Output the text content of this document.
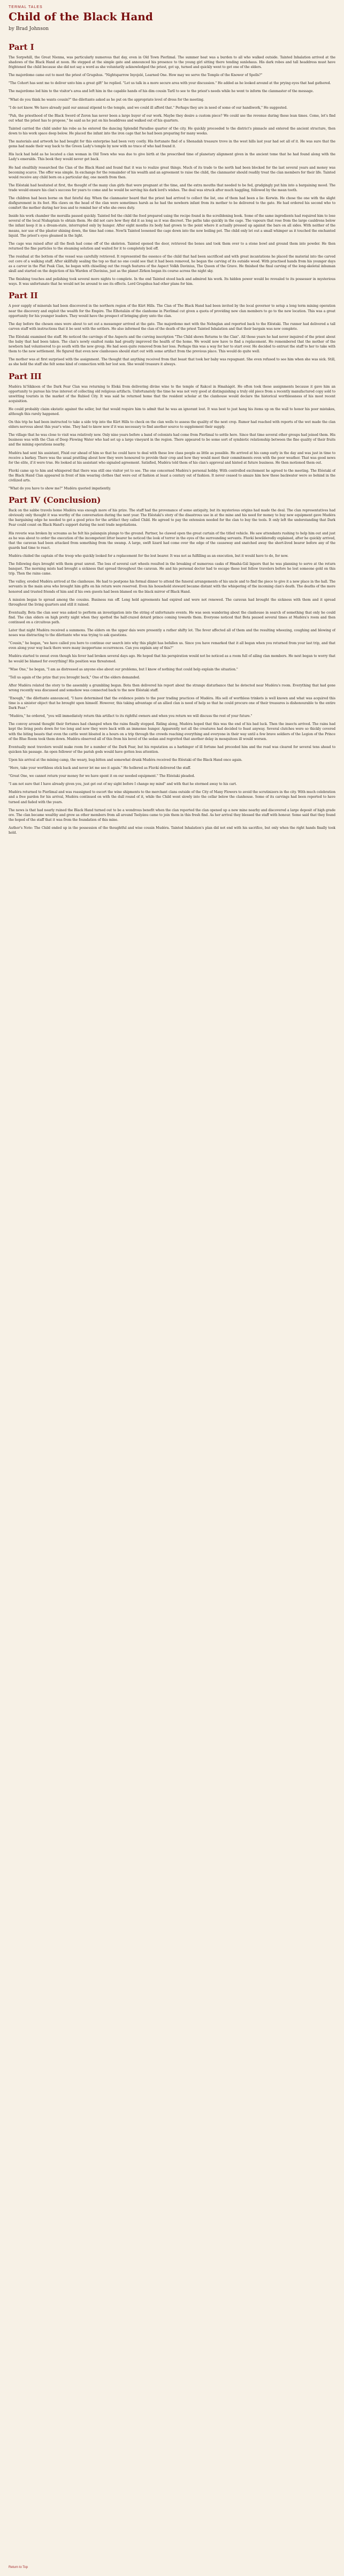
TERMAL TALES
Child of the Black Hand
by Brad Johnson
Part I

The Sorpwhill, the Great Nienna, was particularly numerous that day, even in Old Town Pierlimal. The summer heat was a burden to all who walked outside. Tainted Inhalation arrived at the shadows of the Black Hand at noon. He stepped at the simple gate and announced his presence to the young girl sitting there tending sunlehaus. His dark robes and tall headdress must have frightened the child because she did not say a word as she voluntarily acknowledged the priest, got up, turned and quickly went to get one of the elders.

The majordomo came out to meet the priest of Grugshus. "Nightsparrow Inyojelé, Learned One. How may we serve the Temple of the Knower of Spells?"

"The Cohort has sent me to deliver unto him a great gift" he replied. "Let us talk in a more secure area with your discussion." He added as he looked around at the prying eyes that had gathered.

The majordomo led him to the visitor's area and left him in the capable hands of his dim cousin Tarll to see to the priest's needs while he went to inform the clanmaster of the message.

"What do you think he wants cousin?" the dilettante asked as he put on the appropriate level of dress for the meeting.

"I do not know. We have already paid our annual stipend to the temple, and we could ill afford that." Perhaps they are in need of some of our handiwork," He suggested.

"Pah, the priesthood of the Black Sword of Zeron has never been a large buyer of our work. Maybe they desire a custom piece? We could use the revenue during these lean times. Come, let's find out what the priest has to propose," he said as he put on his headdress and walked out of his quarters.

Tainted carried the child under his robe as he entered the dancing Splendid Paradise quarter of the city. He quickly proceeded to the district's pinnacle and entered the ancient structure, then down to his work space deep below. He placed the infant into the iron cage that he had been preparing for many weeks.

The materials and artwork he had bought for this enterprise had been very costly. His fortunate find of a Shenadah treasure trove in the west hills last year had set all of it. He was sure that the gems had made their way back to the Green Lady's temple by now with no trace of who had found it.

His luck had held as he located a clan woman in Old Town who was due to give birth at the prescribed time of planetary alignment given in the ancient tome that he had found along with the Lady's emeralds. This book they would never get back.

He had stealthily researched the Clan of the Black Hand and found that it was to realize great things. Much of its trade to the north had been blocked for the last several years and money was becoming scarce. The offer was simple. In exchange for the remainder of his wealth and an agreement to raise the child, the clanmaster should readily treat the clan members for their life. Tainted would receive any child born on a particular day, one month from then.

The Eléstaki had hesitated at first, the thought of the many clan girls that were pregnant at the time, and the extra mouths that needed to be fed, grudgingly put him into a bargaining mood. The trade would ensure his clan's success for years to come and he would be serving his dark lord's wishes. The deal was struck after much haggling, followed by the mean tooth.

The children had been borne on that fateful day. When the clanmaster heard that the priest had arrived to collect the list, one of them had been a lie: Korwin. He chose the one with the slight disfigurement in its feet. His claws on the head of the clan were sometimes harsh as he had the newborn infant from its mother to be delivered to the gate. He had ordered his second who to comfort the mother during her loss and to remind her of who she owes duty.

Inside his work chamber the morsilla passed quickly. Tainted fed the child the food prepared using the recipe found in the scrolldening book. Some of the same ingredients had required him to lose several of the local Nishaptain to obtain them. He did not care how they did it as long as it was discreet. The paths take quickly in the cage. The vapours that rose from the large cauldrons below the infant keep it in a dream-state, interrupted only by hunger. After eight months its body had grown to the point where it actually pressed up against the bars on all sides. With neither of the means, nor use of the plaster shining down, the time had come. Now!k Tainted loosened the cage down into the now boiling pot. The child only let out a small whimper as it touched the enchanted liquid. The priest's eyes gleamed in the light.

The cage was raised after all the flesh had come off of the skeleton. Tainted opened the door, retrieved the bones and took them over to a stone bowl and ground them into powder. He then returned the fine particles to the steaming solution and waited for it to completely boil off.

The residual at the bottom of the vessel was carefully retrieved. It represented the essence of the child that had been sacrificed and with great incantations he placed the material into the carved out core of a walking staff. After skillfully sealing the top so that no one could see that it had been removed, he began the carving of its outside wood. With practised hands from his younger days as a carver in the Plat Peak Clan, he began with chiselling out the rough features of the Aspect Volkh Davinius, The Queen of the Grave. He finished the final carving of the long-skeletal inhuman skull and started on the depiction of his Warden of Davinius, just as the planet Zirkon began its course across the night sky.

The finishing touches and polishing took several more nights to complete. In the end Tainted stood back and admired his work. Its hidden power would be revealed to its possessor in mysterious ways. It was unfortunate that he would not be around to see its effects. Lord Grugshus had other plans for him.

Part II

A poor supply of minerals had been discovered in the northern region of the Kürt Hills. The Clan of The Black Hand had been invited by the local governor to setup a long term mining operation near the discovery and exploit the wealth for the Empire. The Elhotaláin of the clanhome in Pierlimal cut given a quota of providing new clan members to go to the new location. This was a great opportunity for his younger leaders. They would have the prospect of bringing glory unto the clan.

The day before the chosen ones were about to set out a messenger arrived at the gate. The majordomo met with the Nehnglan and reported back to the Eléstaki. The runner had delivered a tall carven staff with instructions that it be sent with the settlers. He also informed the clan of the death of the priest Tainted Inhalation and that their bargain was now complete.

The Eléstaki examined the staff. He noticed the carvings of the Aspects and the curving inscription "The Child shows Returns to the Clan". All those years he had never inquired of the priest about the baby that had been taken. The clan's newly exalted ranks had greatly improved the health of the home. We would now have to find a replacement. He remembered that the mother of the newborn had volunteered to go south with the new group. He had seen quite removed from her loss. Perhaps this was a way for her to start over. He decided to entrust the staff to her to take with them to the new settlement. He figured that even new clanhouses should start out with some artifact from the previous place. This would do quite well.

The mother was at first surprised with the assignment. The thought that anything received from that beast that took her baby was repugnant. She even refused to see him when she was sick. Still, as she held the staff she felt some kind of connection with her lost son. She would treasure it always.

Part III

Mudéra hi'Sikkoon of the Dark Fear Clan was returning to Eleká from delivering divine wine to the temple of Rakcel in Hmahágót. He often took these assignments because it gave him an opportunity to pursue his true interest of collecting old religious artifacts. Unfortunately the time he was not very good at distinguishing a truly old piece from a recently manufactured copy sold to unwitting tourists in the market of the Rubied City. It was said he returned home that the resident scholar at the clanhouse would declare the historical worthlessness of his most recent acquisition.

He could probably claim ekstatic against the seller, but that would require him to admit that he was an ignorant lout. It was best to just hang his items up on the wall to honor his poor mistakes, although this rarely happened.

On this trip he had been instructed to take a side trip into the Kürt Hills to check on the clan wells to assess the quality of the next crop. Rumor had reached with reports of the wet made the clan elders nervous about this year's wine. They had to know now if it was necessary to find another source to supplement their supply.

The village that he was close to visit was relatively new. Only nine years before a band of colonists had come from Pierlimal to settle here. Since that time several other groups had joined them. His business was with the Clan of Deep Flowing Water who had set up a large vineyard in the region. There appeared to be some sort of symbiotic relationship between the fine quality of their fruits and the mining operations nearby.

Mudéra had sent his assistant, Fluid our ahead of him so that he could have to deal with these low class people as little as possible. He arrived at his camp early in the day and was just in time to receive a barkey. There was the usual prattling about how they were honoured to provide their crop and how they would meet their commitments even with the poor weather. That was good news for the elite, if it were true. He looked at his assistant who signaled agreement. Satisfied, Mudéra told them of his clan's approval and hinted at future business. He then motioned them out.

Fluvkí came up to him and whispered that there was still one visitor yet to see. The one concerned Mudéra's personal hobby. With controlled excitement he agreed to the meeting. The Eléstaki of the Black Hand Clan appeared in front of him wearing clothes that were out of fashion at least a century out of fashion. It never ceased to amaze him how these backwater were so behind in the civilized arts.

"What do you have to show me?" Mudéra queried impatiently.

Part IV (Conclusion)

Back on the sabbe travels home Mudéra was enough more of his prize. The staff had the provenance of some antiquity, but its mysterious origins had made the deal. The clan representatives had obviously only thought it was worthy of the conversation during the next year. The Eléstaki's story of the disastrous use in at the mine and his need for money to buy new equipment gave Mudéra the bargaining edge he needed to get a good price for the artifact they called Child. He agreed to pay the extension needed for the clan to buy the tools. It only left the understanding that Dark Fear could count on Black Hand's support during the next trade negotiations.

His reverie was broken by screams as he felt his palanquin plunge to the ground. Partner, he clawed open the great curtain of the titled vehicle. He saw attendants rushing to help him out and just as he was about to order the execution of the incompetent litter bearer he noticed the look of terror in the eyes of the surrounding servants. Fluvkí bewilderedly explained, after he quickly arrived, that the caravan had been attacked from something from the swamp. A large, swift lizard had come over the edge of the causeway and snatched away the short-lived bearer before any of the guards had time to react.

Mudéra chided the captain of the troop who quickly looked for a replacement for the lost bearer. It was not as fulfilling as an execution, but it would have to do, for now.

The following days brought with them great unrest. The loss of several cart wheels resulted in the breaking of numerous casks of Hmahá-Gál liquors that he was planning to serve at the return banquet. The morning mists had brought a sickness that spread throughout the caravan. He and his personal doctor had to escape these lost fellow travelers before he lost someone gold on this trip. Then the rains came.

The valley, eroded Mudéra arrived at the clanhouse. He had to postpone his formal dinner to attend the funeral arrangements of his uncle and to find the piece to give it a new place in the hall. The servants in the main area who brought him gifts on his return were reserved. Even his household steward became distant with the whispering of the incoming clan's death. The deaths of the more honored and trusted friends of him and if his own guests had been blamed on the black mirror of Black Hand.

A mission began to spread among the cousins. Business ran off. Long held agreements had expired and were not renewed. The caravan had brought the sickness with them and it spread throughout the living quarters and still it rained.

Eventually, Bota the clan seer was asked to perform an investigation into the string of unfortunate events. He was seen wandering about the clanhouse in search of something that only he could find. The clan elders on high pretty night when they spotted the half-crazed dotard prince coming towards them. Everyone noticed that Bota paused several times at Mudéra's room and then continued on a circuitous path.

Later that night Mudéra received a summons. The elders on the upper dais were presently a rather shifty lot. The fever affected all of them and the resulting wheezing, coughing and blowing of noses was distracting to the dilettante who was trying to ask questions.

"Cousin," he began, "we have called you here to continue our search into why this plight has befallen us. Since you have remarked that it all began when you returned from your last trip, and that even along your way back there were many inopportune occurrences. Can you explain any of this?"

Mudéra started to sweat even though his fever had broken several days ago. He hoped that his perspiration would not be noticed as a room full of ailing clan members. He next began to worry that he would be blamed for everything! His position was threatened.

"Wise One," he began, "I am as distressed as anyone else about our problems, but I know of nothing that could help explain the situation."

"Tell us again of the prize that you brought back," One of the elders demanded.

After Mudéra related the story to the assembly a grumbling began. Bota then delivered his report about the strange disturbance that he detected near Mudéra's room. Everything that had gone wrong recently was discussed and somehow was connected back to the new Eléstaki staff.

"Enough," the dilettante announced, "I have determined that the evidence points to the poor trading practices of Mudéra. His sell of worthless trinkets is well known and what was acquired this time is a sinister object that he brought upon himself. However, this taking advantage of an allied clan is need of help so that he could procure one of their treasures is dishonourable to the entire Dark Fear."

"Mudéra," he ordered, "you will immediately return this artifact to its rightful owners and when you return we will discuss the rest of your future."

The convoy around thought their fortunes had changed when the rains finally stopped. Riding along, Mudéra hoped that this was the end of his bad luck. Then the insects arrived. The rains had kept the living pests down for too long and now they were back with an immense hunger. Apparently not all the creatures had decided to feast anyway. Several clutches were so thickly covered with the biting beasts that even the cattle went bloated in a hours on a trip through the crowds reaching everything and everyone in their way until a few brave soldiers of the Legion of the Prince of the Blue Room took them down. Mudéra observed all of this from his bevel of the sedan and regretted that another delay in mosquitoes ill would worsen.

Eventually most travelers would make room for a number of the Dark Fear, but his reputation as a harbinger of ill fortune had preceded him and the road was cleared for several tens ahead to quicken his passage. An open follower of the parish gods would have gotten less attention.

Upon his arrival at the mining camp, the weary, bug-bitten and somewhat drunk Mudéra received the Eléstaki of the Black Hand once again.

"Here, take your worthless stick back and never let me see it again." He hollered as Fluvkí delivered the staff.

"Great One, we cannot return your money for we have spent it on our needed equipment." The Eléstaki pleaded.

"I am not sure that I have already given you, just get out of my sight before I change my mind" and with that he stormed away to his cart.

Mudéra returned to Pierlimal and was reassigned to escort the wine shipments to the merchant clans outside of the City of Many Flowers to avoid the scrutinizers in the city. With much celebration and a free pardon for his arrival, Mudéra continued on with the dull round of it, while the Child went slowly into the cellar below the clanhouse. Some of its carvings had been reported to have turned and faded with the years.

The news is that had nearly ruined the Black Hand turned out to be a wondrous benefit when the clan reported the clan opened up a new mine nearby and discovered a large deposit of high grade ore. The clan became wealthy and grew as other members from all around Tsolyánu came to join them in this fresh find. As her arrival they blessed the staff with honour. Some said that they found the hoped of the staff that it was from the foundation of this mine.

Author's Note: The Child ended up in the possession of the thoughtful and wise cousin Mudéra. Tainted Inhalation's plan did not end with his sacrifice, but only when the right hands finally took hold.

Return to Top
